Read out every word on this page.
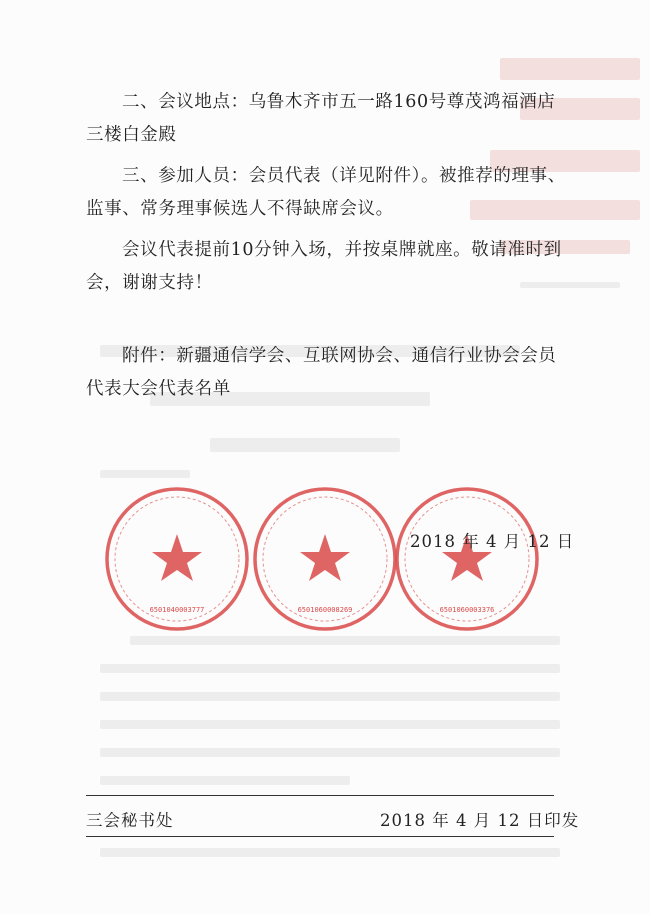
二、会议地点：乌鲁木齐市五一路160号尊茂鸿福酒店三楼白金殿

三、参加人员：会员代表（详见附件）。被推荐的理事、监事、常务理事候选人不得缺席会议。

会议代表提前10分钟入场，并按桌牌就座。敬请准时到会，谢谢支持！

附件：新疆通信学会、互联网协会、通信行业协会会员代表大会代表名单

6501040003777	6501060008269	6501060003376
2018 年 4 月 12 日
三会秘书处	2018 年 4 月 12 日印发
